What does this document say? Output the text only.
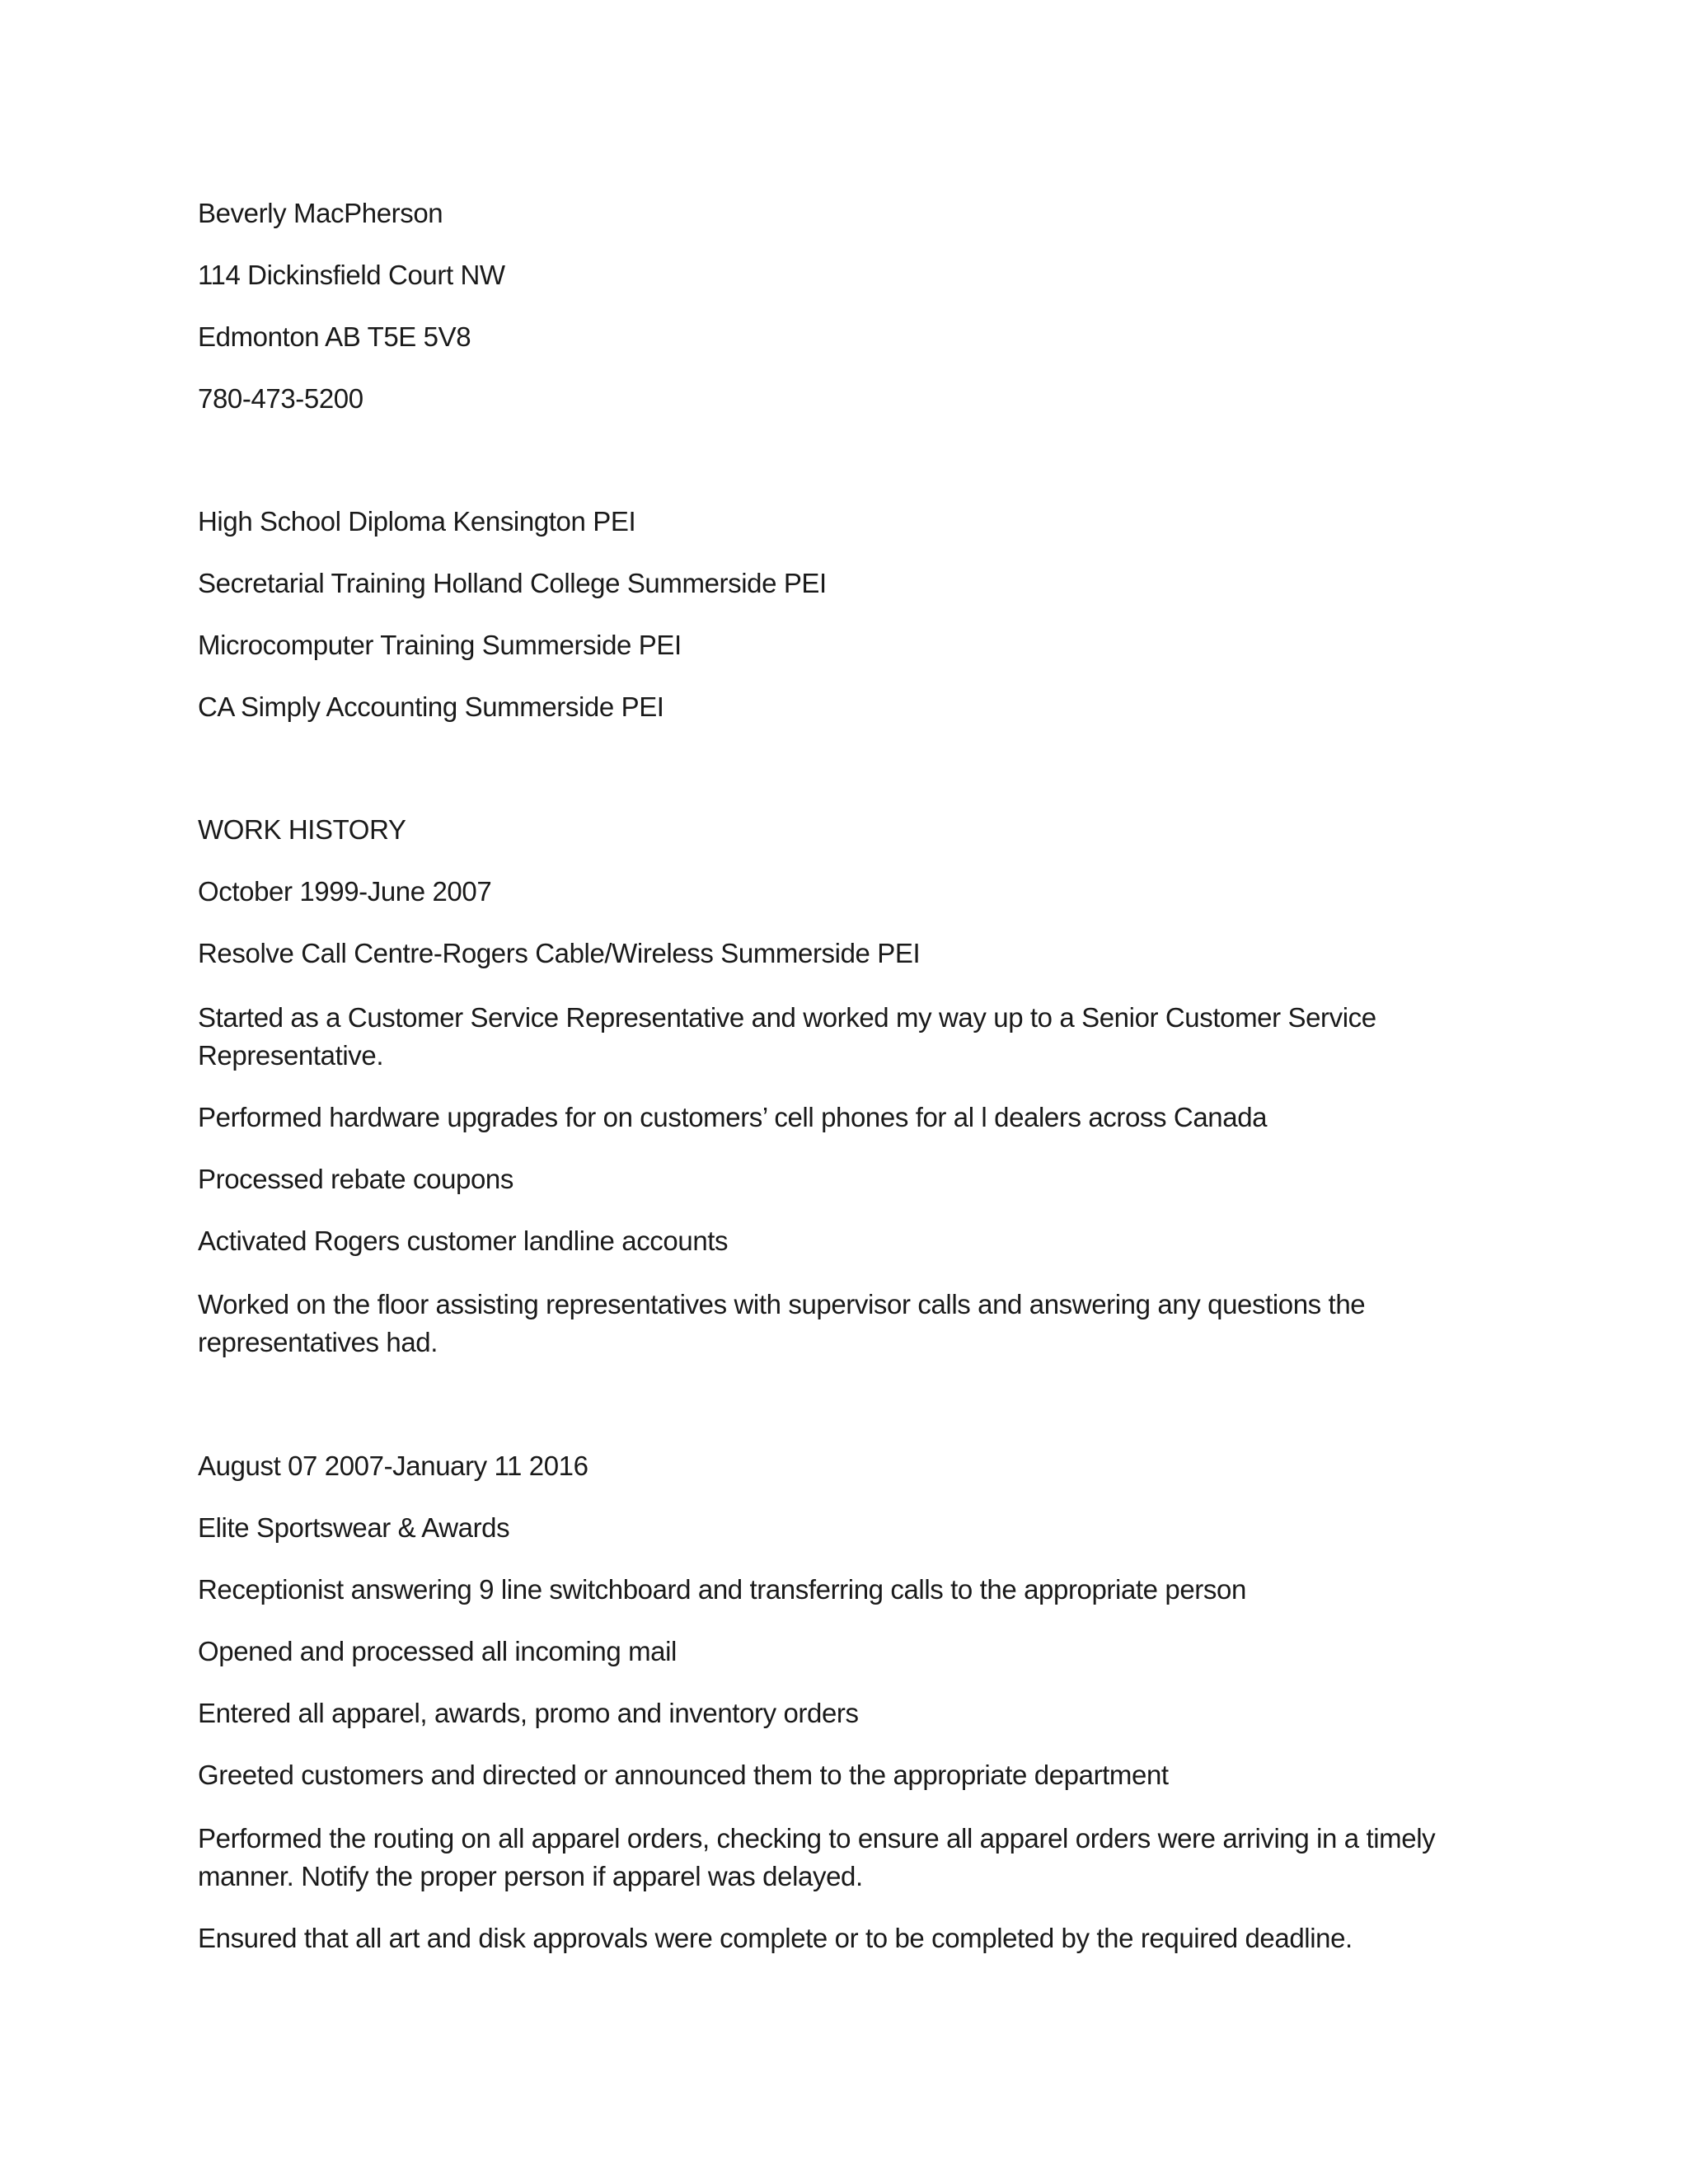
Beverly MacPherson

114 Dickinsfield Court NW

Edmonton AB T5E 5V8

780-473-5200

High School Diploma Kensington PEI

Secretarial Training Holland College Summerside PEI

Microcomputer Training Summerside PEI

CA Simply Accounting Summerside PEI

WORK HISTORY

October 1999-June 2007

Resolve Call Centre-Rogers Cable/Wireless Summerside PEI

Started as a Customer Service Representative and worked my way up to a Senior Customer Service Representative.

Performed hardware upgrades for on customers’ cell phones for al l dealers across Canada

Processed rebate coupons

Activated Rogers customer landline accounts

Worked on the floor assisting representatives with supervisor calls and answering any questions the representatives had.

August 07 2007-January 11 2016

Elite Sportswear & Awards

Receptionist answering 9 line switchboard and transferring calls to the appropriate person

Opened and processed all incoming mail

Entered all apparel, awards, promo and inventory orders

Greeted customers and directed or announced them to the appropriate department

Performed the routing on all apparel orders, checking to ensure all apparel orders were arriving in a timely manner. Notify the proper person if apparel was delayed.

Ensured that all art and disk approvals were complete or to be completed by the required deadline.
